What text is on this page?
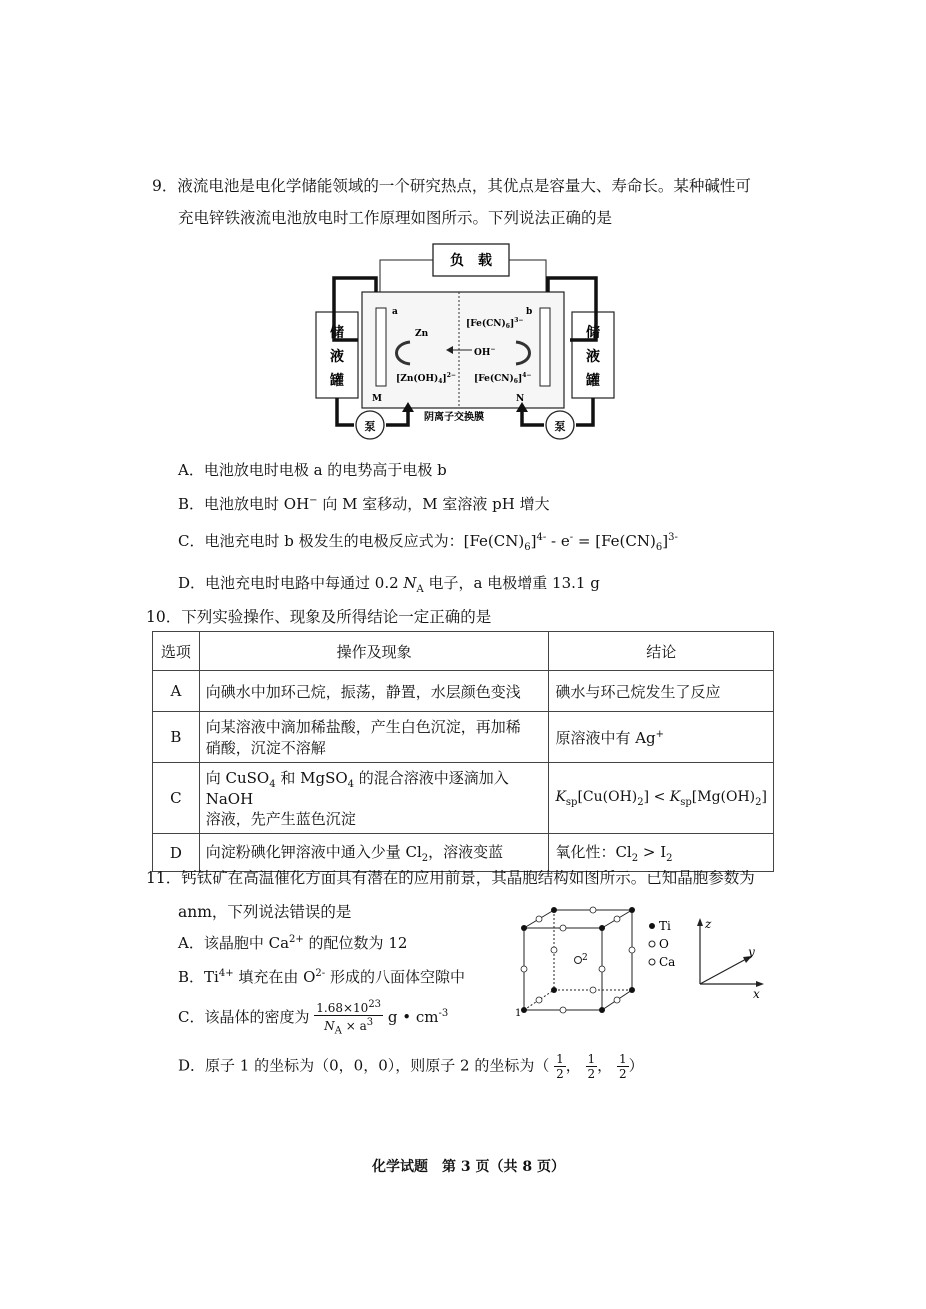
9．液流电池是电化学储能领域的一个研究热点，其优点是容量大、寿命长。某种碱性可
充电锌铁液流电池放电时工作原理如图所示。下列说法正确的是
负　载
a	b
Zn
$[Zn(OH)_4]^{2-}$
$[Fe(CN)_6]^{3-}$
$[Fe(CN)_6]^{4-}$
OH−
M	N
阴离子交换膜
储
液
罐
储
液
罐
泵	泵
A．电池放电时电极 a 的电势高于电极 b
B．电池放电时 OH− 向 M 室移动，M 室溶液 pH 增大
C．电池充电时 b 极发生的电极反应式为：$[Fe(CN)_6]^{4-} - e^- = [Fe(CN)_6]^{3-}$
D．电池充电时电路中每通过 0.2 $N_A$ 电子，a 电极增重 13.1 g
10．下列实验操作、现象及所得结论一定正确的是
选项	操作及现象	结论
A	向碘水中加环己烷，振荡，静置，水层颜色变浅	碘水与环己烷发生了反应
B	向某溶液中滴加稀盐酸，产生白色沉淀，再加稀
硝酸，沉淀不溶解	原溶液中有 Ag+
C	向 CuSO$_4$ 和 MgSO$_4$ 的混合溶液中逐滴加入 NaOH
溶液，先产生蓝色沉淀	$K_{sp}[Cu(OH)_2] < K_{sp}[Mg(OH)_2]$
D	向淀粉碘化钾溶液中通入少量 $Cl_2$，溶液变蓝	氧化性：$Cl_2 > I_2$
11．钙钛矿在高温催化方面具有潜在的应用前景，其晶胞结构如图所示。已知晶胞参数为
anm，下列说法错误的是
A．该晶胞中 $Ca^{2+}$ 的配位数为 12
B．$Ti^{4+}$ 填充在由 $O^{2-}$ 形成的八面体空隙中
C．该晶体的密度为 $\frac{1.68\times 10^{23}}{N_A \times a^3}$ g • $cm^{-3}$
D．原子 1 的坐标为（0，0，0），则原子 2 的坐标为（ $\frac{1}{2}$ ， $\frac{1}{2}$ ， $\frac{1}{2}$ ）
2
1
Ti
O
Ca
z
y
x
化学试题　第 3 页（共 8 页）
